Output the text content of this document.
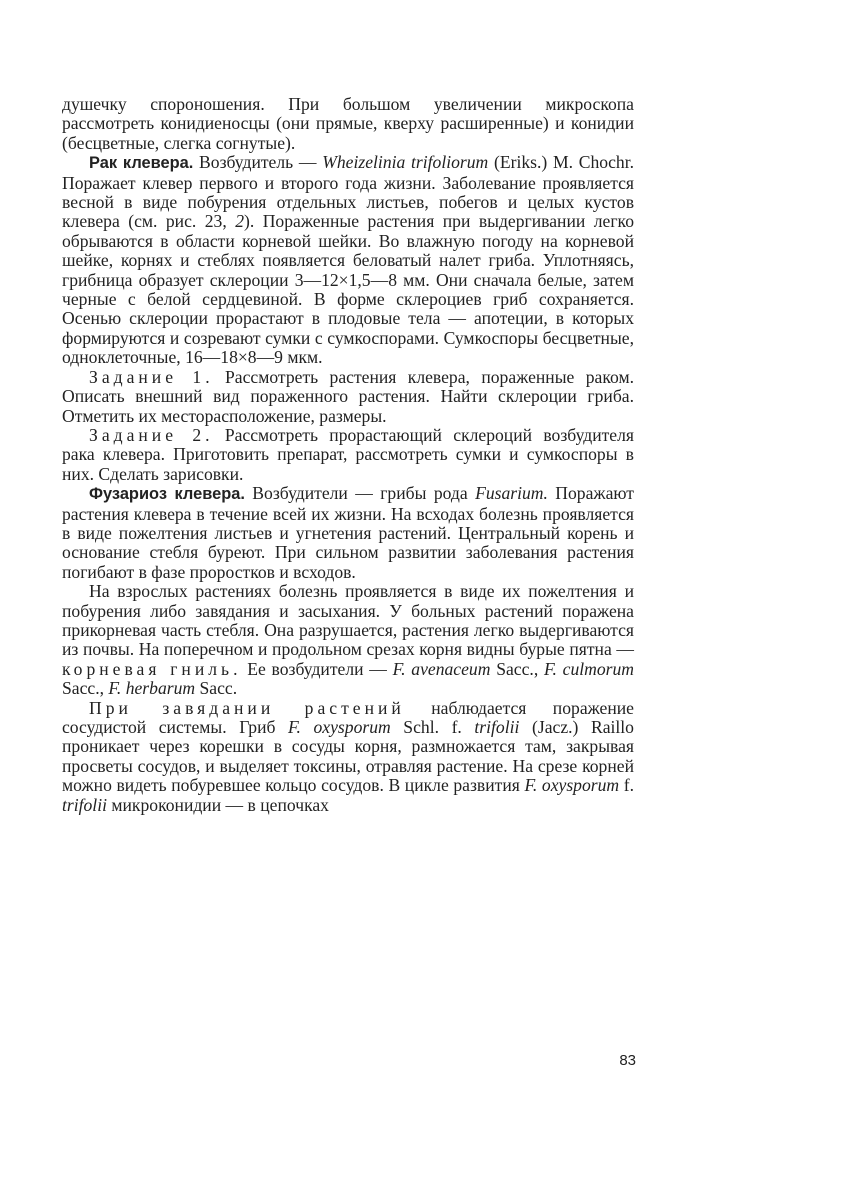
душечку спороношения. При большом увеличении микроскопа рассмотреть конидиеносцы (они прямые, кверху расширенные) и конидии (бесцветные, слегка согнутые).

Рак клевера. Возбудитель — Wheizelinia trifoliorum (Eriks.) M. Chochr. Поражает клевер первого и второго года жизни. Заболевание проявляется весной в виде побурения отдельных листьев, побегов и целых кустов клевера (см. рис. 23, 2). Пораженные растения при выдергивании легко обрываются в области корневой шейки. Во влажную погоду на корневой шейке, корнях и стеблях появляется беловатый налет гриба. Уплотняясь, грибница образует склероции 3—12×1,5—8 мм. Они сначала белые, затем черные с белой сердцевиной. В форме склероциев гриб сохраняется. Осенью склероции прорастают в плодовые тела — апотеции, в которых формируются и созревают сумки с сумкоспорами. Сумкоспоры бесцветные, одноклеточные, 16—18×8—9 мкм.

Задание 1. Рассмотреть растения клевера, пораженные раком. Описать внешний вид пораженного растения. Найти склероции гриба. Отметить их месторасположение, размеры.

Задание 2. Рассмотреть прорастающий склероций возбудителя рака клевера. Приготовить препарат, рассмотреть сумки и сумкоспоры в них. Сделать зарисовки.

Фузариоз клевера. Возбудители — грибы рода Fusarium. Поражают растения клевера в течение всей их жизни. На всходах болезнь проявляется в виде пожелтения листьев и угнетения растений. Центральный корень и основание стебля буреют. При сильном развитии заболевания растения погибают в фазе проростков и всходов.

На взрослых растениях болезнь проявляется в виде их пожелтения и побурения либо завядания и засыхания. У больных растений поражена прикорневая часть стебля. Она разрушается, растения легко выдергиваются из почвы. На поперечном и продольном срезах корня видны бурые пятна — корневая гниль. Ее возбудители — F. avenaceum Sacc., F. culmorum Sacc., F. herbarum Sacc.

При завядании растений наблюдается поражение сосудистой системы. Гриб F. oxysporum Schl. f. trifolii (Jacz.) Raillo проникает через корешки в сосуды корня, размножается там, закрывая просветы сосудов, и выделяет токсины, отравляя растение. На срезе корней можно видеть побуревшее кольцо сосудов. В цикле развития F. oxysporum f. trifolii микроконидии — в цепочках

83
